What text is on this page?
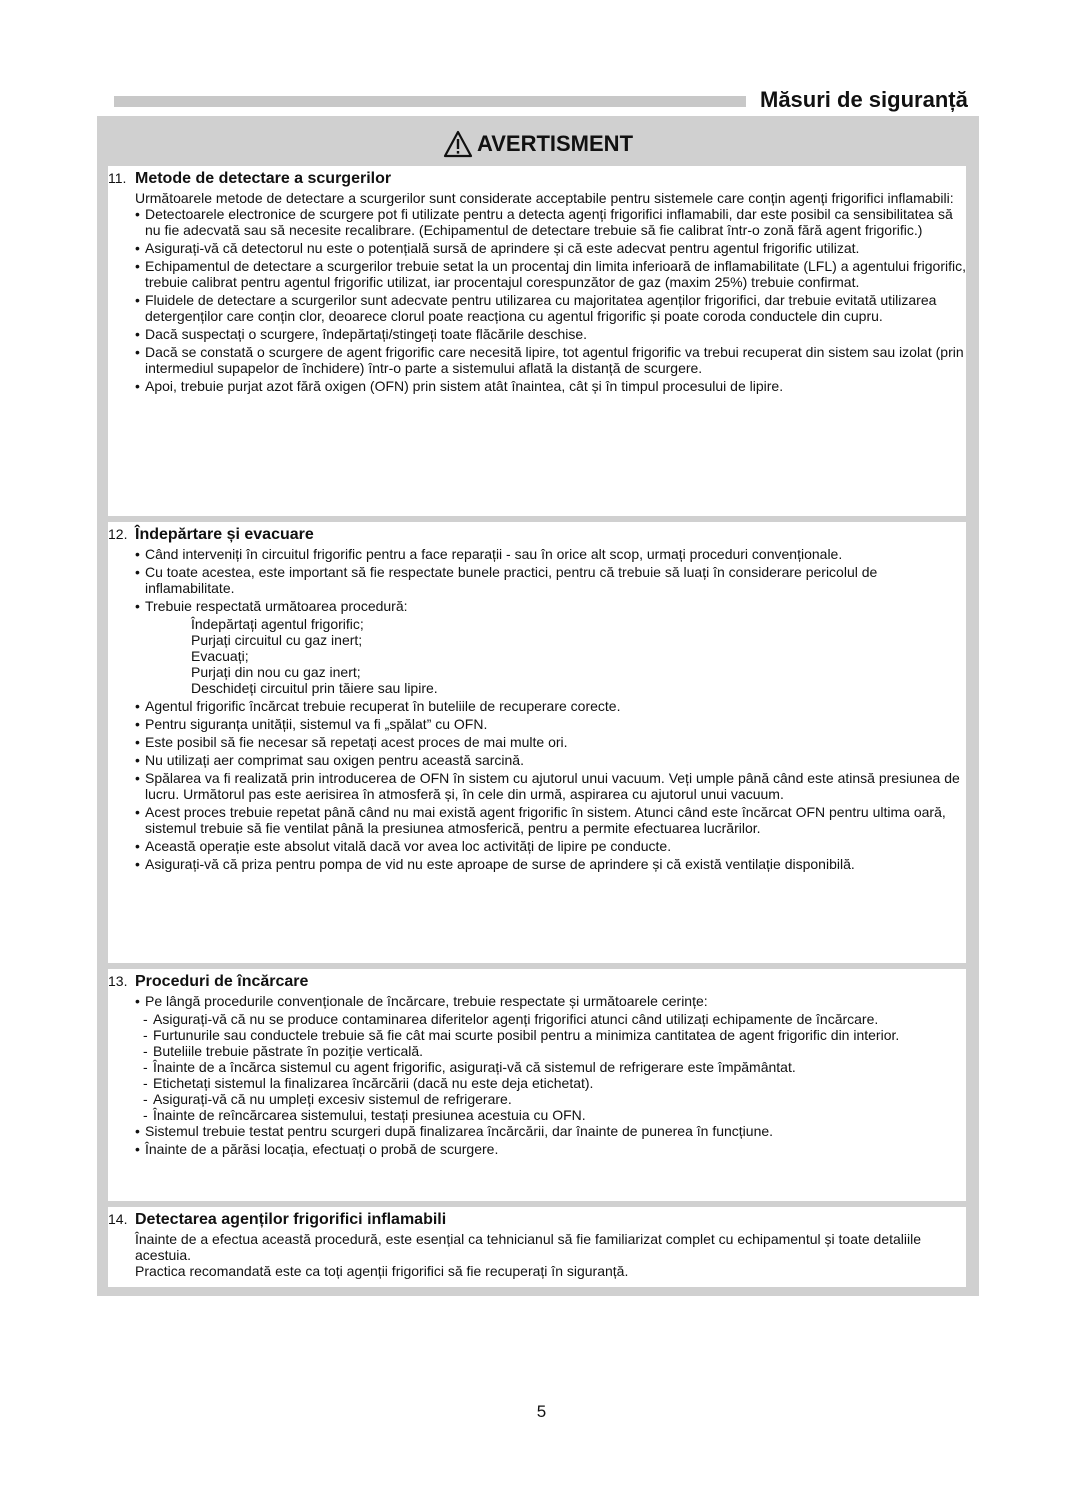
Măsuri de siguranță
AVERTISMENT
11. Metode de detectare a scurgerilor

Următoarele metode de detectare a scurgerilor sunt considerate acceptabile pentru sistemele care conțin agenți frigorifici inflamabili:

• Detectoarele electronice de scurgere pot fi utilizate pentru a detecta agenți frigorifici inflamabili, dar este posibil ca sensibilitatea să nu fie adecvată sau să necesite recalibrare. (Echipamentul de detectare trebuie să fie calibrat într-o zonă fără agent frigorific.)
• Asigurați-vă că detectorul nu este o potențială sursă de aprindere și că este adecvat pentru agentul frigorific utilizat.
• Echipamentul de detectare a scurgerilor trebuie setat la un procentaj din limita inferioară de inflamabilitate (LFL) a agentului frigorific, trebuie calibrat pentru agentul frigorific utilizat, iar procentajul corespunzător de gaz (maxim 25%) trebuie confirmat.
• Fluidele de detectare a scurgerilor sunt adecvate pentru utilizarea cu majoritatea agenților frigorifici, dar trebuie evitată utilizarea detergenților care conțin clor, deoarece clorul poate reacționa cu agentul frigorific și poate coroda conductele din cupru.
• Dacă suspectați o scurgere, îndepărtați/stingeți toate flăcările deschise.
• Dacă se constată o scurgere de agent frigorific care necesită lipire, tot agentul frigorific va trebui recuperat din sistem sau izolat (prin intermediul supapelor de închidere) într-o parte a sistemului aflată la distanță de scurgere.
• Apoi, trebuie purjat azot fără oxigen (OFN) prin sistem atât înaintea, cât și în timpul procesului de lipire.
12. Îndepărtare și evacuare
• Când interveniți în circuitul frigorific pentru a face reparații - sau în orice alt scop, urmați proceduri convenționale.
• Cu toate acestea, este important să fie respectate bunele practici, pentru că trebuie să luați în considerare pericolul de inflamabilitate.
• Trebuie respectată următoarea procedură:
Îndepărtați agentul frigorific;
Purjați circuitul cu gaz inert;
Evacuați;
Purjați din nou cu gaz inert;
Deschideți circuitul prin tăiere sau lipire.
• Agentul frigorific încărcat trebuie recuperat în buteliile de recuperare corecte.
• Pentru siguranța unității, sistemul va fi „spălat” cu OFN.
• Este posibil să fie necesar să repetați acest proces de mai multe ori.
• Nu utilizați aer comprimat sau oxigen pentru această sarcină.
• Spălarea va fi realizată prin introducerea de OFN în sistem cu ajutorul unui vacuum. Veți umple până când este atinsă presiunea de lucru. Următorul pas este aerisirea în atmosferă și, în cele din urmă, aspirarea cu ajutorul unui vacuum.
• Acest proces trebuie repetat până când nu mai există agent frigorific în sistem. Atunci când este încărcat OFN pentru ultima oară, sistemul trebuie să fie ventilat până la presiunea atmosferică, pentru a permite efectuarea lucrărilor.
• Această operație este absolut vitală dacă vor avea loc activități de lipire pe conducte.
• Asigurați-vă că priza pentru pompa de vid nu este aproape de surse de aprindere și că există ventilație disponibilă.
13. Proceduri de încărcare
• Pe lângă procedurile convenționale de încărcare, trebuie respectate și următoarele cerințe:
- Asigurați-vă că nu se produce contaminarea diferitelor agenți frigorifici atunci când utilizați echipamente de încărcare.
- Furtunurile sau conductele trebuie să fie cât mai scurte posibil pentru a minimiza cantitatea de agent frigorific din interior.
- Buteliile trebuie păstrate în poziție verticală.
- Înainte de a încărca sistemul cu agent frigorific, asigurați-vă că sistemul de refrigerare este împământat.
- Etichetați sistemul la finalizarea încărcării (dacă nu este deja etichetat).
- Asigurați-vă că nu umpleți excesiv sistemul de refrigerare.
- Înainte de reîncărcarea sistemului, testați presiunea acestuia cu OFN.
• Sistemul trebuie testat pentru scurgeri după finalizarea încărcării, dar înainte de punerea în funcțiune.
• Înainte de a părăsi locația, efectuați o probă de scurgere.
14. Detectarea agenților frigorifici inflamabili

Înainte de a efectua această procedură, este esențial ca tehnicianul să fie familiarizat complet cu echipamentul și toate detaliile acestuia.

Practica recomandată este ca toți agenții frigorifici să fie recuperați în siguranță.

5
